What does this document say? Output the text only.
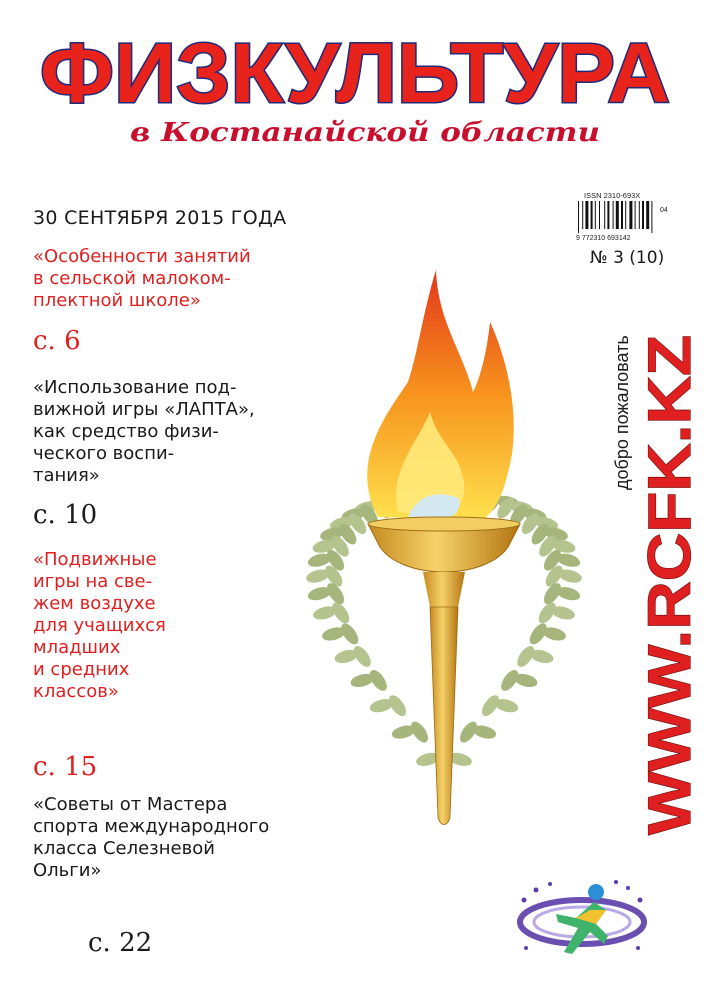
ФИЗКУЛЬТУРА
в Костанайской области
30 СЕНТЯБРЯ 2015 ГОДА
ISSN 2310-693X
9 772310 693142
04
№ 3 (10)
«Особенности занятий
в сельской малоком-
плектной школе»
с. 6
«Использование под-
вижной игры «ЛАПТА»,
как средство физи-
ческого воспи-
тания»
с. 10
«Подвижные
игры на све-
жем воздухе
для учащихся
младших
и средних
классов»
с. 15
«Советы от Мастера
спорта международного
класса Селезневой
Ольги»
с. 22
WWW.RCFK.KZ
добро пожаловать
